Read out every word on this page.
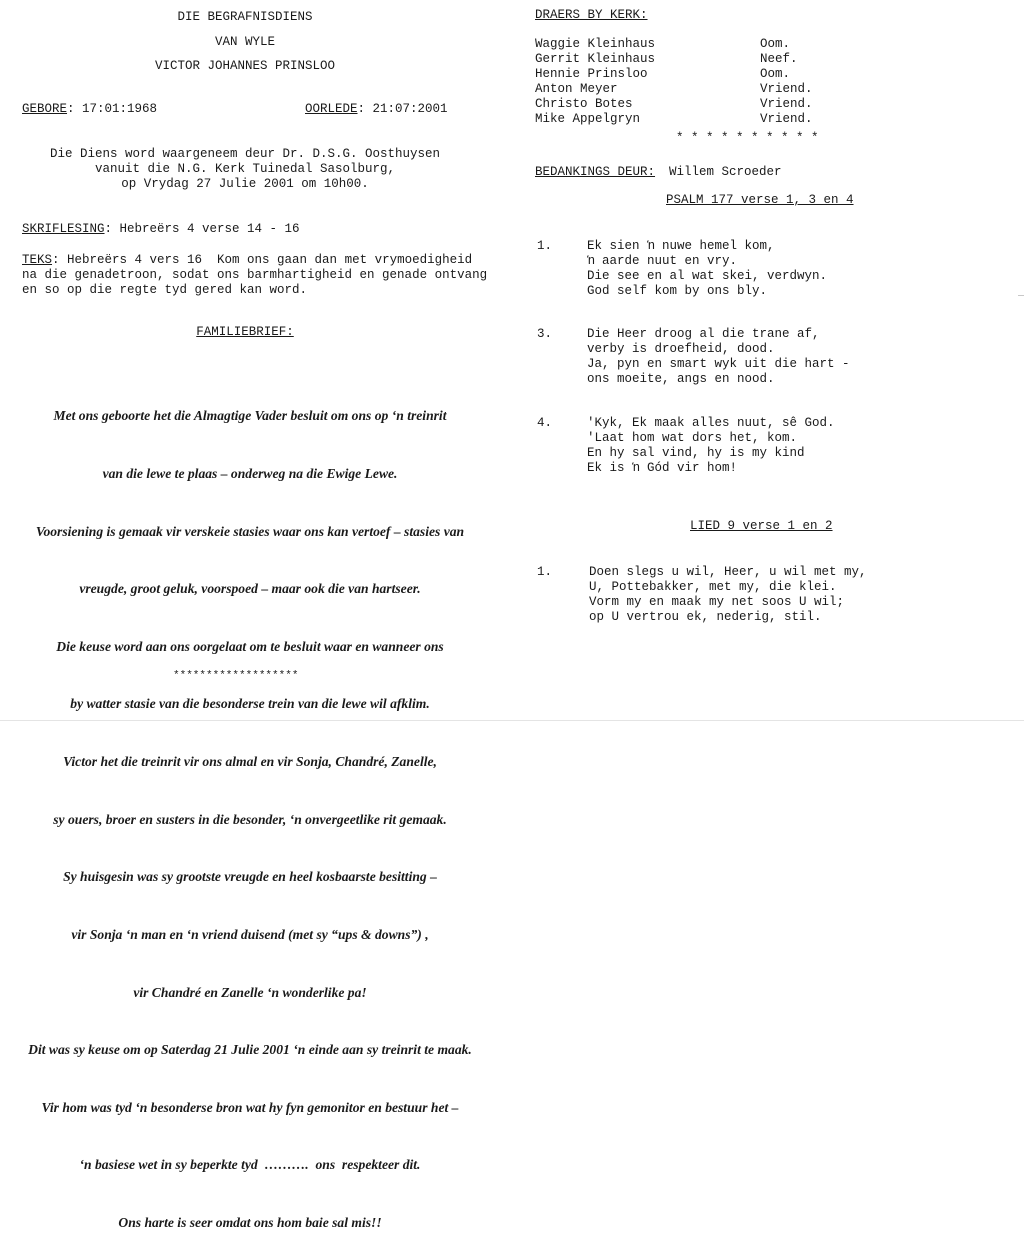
DIE BEGRAFNISDIENS
VAN WYLE
VICTOR JOHANNES PRINSLOO
GEBORE: 17:01:1968	OORLEDE: 21:07:2001
Die Diens word waargeneem deur Dr. D.S.G. Oosthuysen
vanuit die N.G. Kerk Tuinedal Sasolburg,
op Vrydag 27 Julie 2001 om 10h00.
SKRIFLESING: Hebreërs 4 verse 14 - 16
TEKS: Hebreërs 4 vers 16  Kom ons gaan dan met vrymoedigheid
na die genadetroon, sodat ons barmhartigheid en genade ontvang
en so op die regte tyd gered kan word.
FAMILIEBRIEF:

Met ons geboorte het die Almagtige Vader besluit om ons op ‘n treinrit

van die lewe te plaas – onderweg na die Ewige Lewe.

Voorsiening is gemaak vir verskeie stasies waar ons kan vertoef – stasies van

vreugde, groot geluk, voorspoed – maar ook die van hartseer.

Die keuse word aan ons oorgelaat om te besluit waar en wanneer ons

by watter stasie van die besonderse trein van die lewe wil afklim.

Victor het die treinrit vir ons almal en vir Sonja, Chandré, Zanelle,

sy ouers, broer en susters in die besonder, ‘n onvergeetlike rit gemaak.

Sy huisgesin was sy grootste vreugde en heel kosbaarste besitting –

vir Sonja ‘n man en ‘n vriend duisend (met sy “ups & downs”) ,

vir Chandré en Zanelle ‘n wonderlike pa!

Dit was sy keuse om op Saterdag 21 Julie 2001 ‘n einde aan sy treinrit te maak.

Vir hom was tyd ‘n besonderse bron wat hy fyn gemonitor en bestuur het –

‘n basiese wet in sy beperkte tyd  ……….  ons  respekteer dit.

Ons harte is seer omdat ons hom baie sal mis!!

*******************
DRAERS BY KERK:
Waggie Kleinhaus	Oom.
Gerrit Kleinhaus	Neef.
Hennie Prinsloo	Oom.
Anton Meyer	Vriend.
Christo Botes	Vriend.
Mike Appelgryn	Vriend.
* * * * * * * * * *
BEDANKINGS DEUR: Willem Scroeder
PSALM 177 verse 1, 3 en 4
1.	Ek sien ŉ nuwe hemel kom,
ŉ aarde nuut en vry.
Die see en al wat skei, verdwyn.
God self kom by ons bly.
3.	Die Heer droog al die trane af,
verby is droefheid, dood.
Ja, pyn en smart wyk uit die hart -
ons moeite, angs en nood.
4.	'Kyk, Ek maak alles nuut, sê God.
'Laat hom wat dors het, kom.
En hy sal vind, hy is my kind
Ek is ŉ Gód vir hom!
LIED 9 verse 1 en 2
1.	Doen slegs u wil, Heer, u wil met my,
U, Pottebakker, met my, die klei.
Vorm my en maak my net soos U wil;
op U vertrou ek, nederig, stil.
